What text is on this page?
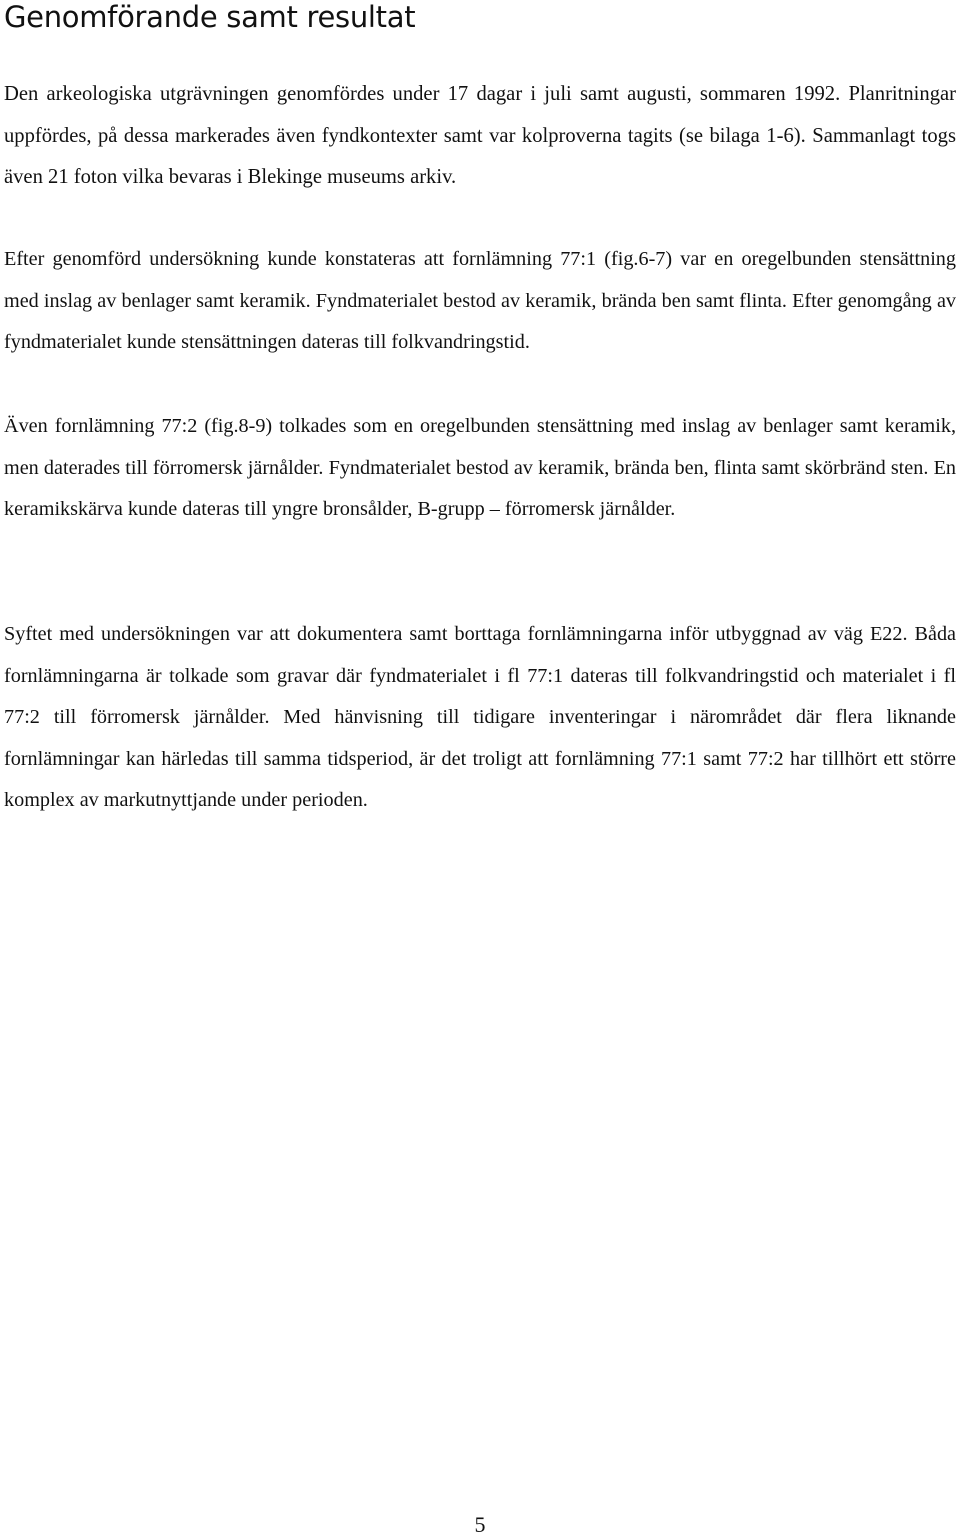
Genomförande samt resultat

Den arkeologiska utgrävningen genomfördes under 17 dagar i juli samt augusti, sommaren 1992. Planritningar uppfördes, på dessa markerades även fyndkontexter samt var kolproverna tagits (se bilaga 1-6). Sammanlagt togs även 21 foton vilka bevaras i Blekinge museums arkiv.

Efter genomförd undersökning kunde konstateras att fornlämning 77:1 (fig.6-7) var en oregelbunden stensättning med inslag av benlager samt keramik. Fyndmaterialet bestod av keramik, brända ben samt flinta. Efter genomgång av fyndmaterialet kunde stensättningen dateras till folkvandringstid.

Även fornlämning 77:2 (fig.8-9) tolkades som en oregelbunden stensättning med inslag av benlager samt keramik, men daterades till förromersk järnålder. Fyndmaterialet bestod av keramik, brända ben, flinta samt skörbränd sten. En keramikskärva kunde dateras till yngre bronsålder, B-grupp – förromersk järnålder.

Syftet med undersökningen var att dokumentera samt borttaga fornlämningarna inför utbyggnad av väg E22. Båda fornlämningarna är tolkade som gravar där fyndmaterialet i fl 77:1 dateras till folkvandringstid och materialet i fl 77:2 till förromersk järnålder. Med hänvisning till tidigare inventeringar i närområdet där flera liknande fornlämningar kan härledas till samma tidsperiod, är det troligt att fornlämning 77:1 samt 77:2 har tillhört ett större komplex av markutnyttjande under perioden.

5
